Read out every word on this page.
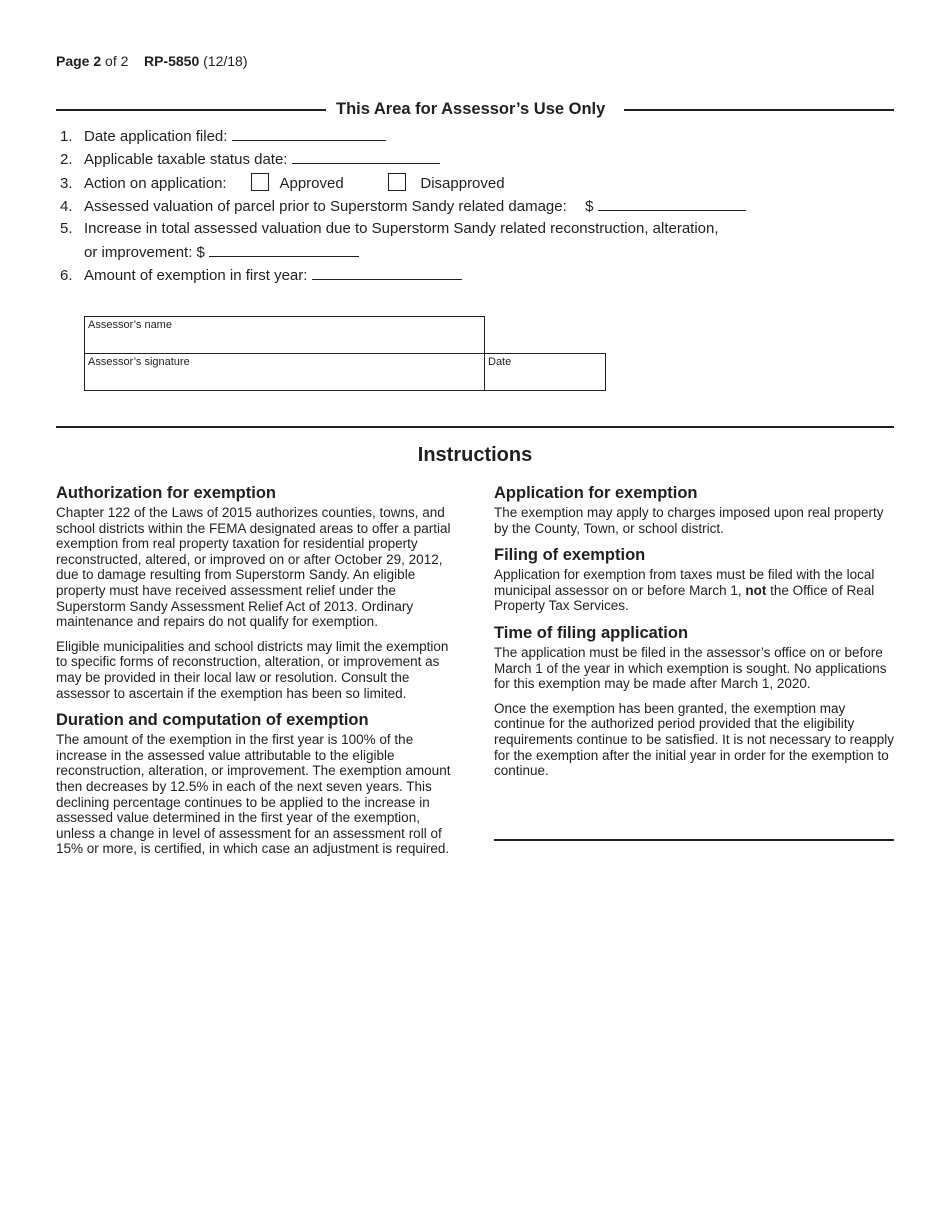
Page 2 of 2 RP-5850 (12/18)
This Area for Assessor’s Use Only
1. Date application filed:
2. Applicable taxable status date:
3. Action on application:	Approved	Disapproved
4. Assessed valuation of parcel prior to Superstorm Sandy related damage: $
5. Increase in total assessed valuation due to Superstorm Sandy related reconstruction, alteration,
or improvement: $
6. Amount of exemption in first year:
Assessor’s name
Assessor’s signature	Date
Instructions
Authorization for exemption

Chapter 122 of the Laws of 2015 authorizes counties, towns, and school districts within the FEMA designated areas to offer a partial exemption from real property taxation for residential property reconstructed, altered, or improved on or after October 29, 2012, due to damage resulting from Superstorm Sandy. An eligible property must have received assessment relief under the Superstorm Sandy Assessment Relief Act of 2013. Ordinary maintenance and repairs do not qualify for exemption.

Eligible municipalities and school districts may limit the exemption to specific forms of reconstruction, alteration, or improvement as may be provided in their local law or resolution. Consult the assessor to ascertain if the exemption has been so limited.

Duration and computation of exemption

The amount of the exemption in the first year is 100% of the increase in the assessed value attributable to the eligible reconstruction, alteration, or improvement. The exemption amount then decreases by 12.5% in each of the next seven years. This declining percentage continues to be applied to the increase in assessed value determined in the first year of the exemption, unless a change in level of assessment for an assessment roll of 15% or more, is certified, in which case an adjustment is required.

Application for exemption

The exemption may apply to charges imposed upon real property by the County, Town, or school district.

Filing of exemption

Application for exemption from taxes must be filed with the local municipal assessor on or before March 1, not the Office of Real Property Tax Services.

Time of filing application

The application must be filed in the assessor’s office on or before March 1 of the year in which exemption is sought. No applications for this exemption may be made after March 1, 2020.

Once the exemption has been granted, the exemption may continue for the authorized period provided that the eligibility requirements continue to be satisfied. It is not necessary to reapply for the exemption after the initial year in order for the exemption to continue.
